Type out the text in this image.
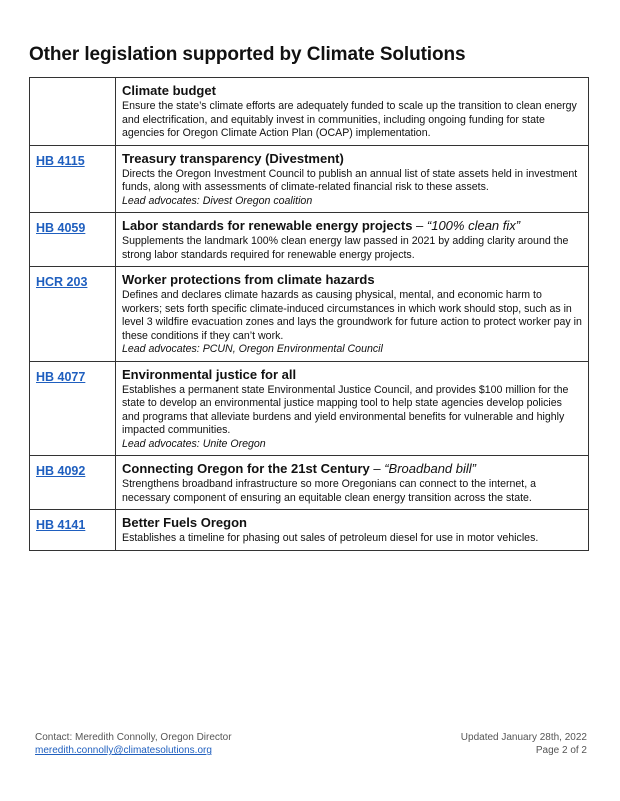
Other legislation supported by Climate Solutions

	Climate budget
Ensure the state’s climate efforts are adequately funded to scale up the transition to clean energy and electrification, and equitably invest in communities, including ongoing funding for state agencies for Oregon Climate Action Plan (OCAP) implementation.

HB 4115	Treasury transparency (Divestment)
Directs the Oregon Investment Council to publish an annual list of state assets held in investment funds, along with assessments of climate-related financial risk to these assets.
Lead advocates: Divest Oregon coalition

HB 4059	Labor standards for renewable energy projects – “100% clean fix”
Supplements the landmark 100% clean energy law passed in 2021 by adding clarity around the strong labor standards required for renewable energy projects.

HCR 203	Worker protections from climate hazards
Defines and declares climate hazards as causing physical, mental, and economic harm to workers; sets forth specific climate-induced circumstances in which work should stop, such as in level 3 wildfire evacuation zones and lays the groundwork for future action to protect worker pay in these conditions if they can’t work.
Lead advocates: PCUN, Oregon Environmental Council

HB 4077	Environmental justice for all
Establishes a permanent state Environmental Justice Council, and provides $100 million for the state to develop an environmental justice mapping tool to help state agencies develop policies and programs that alleviate burdens and yield environmental benefits for vulnerable and highly impacted communities.
Lead advocates: Unite Oregon

HB 4092	Connecting Oregon for the 21st Century – “Broadband bill”
Strengthens broadband infrastructure so more Oregonians can connect to the internet, a necessary component of ensuring an equitable clean energy transition across the state.

HB 4141	Better Fuels Oregon
Establishes a timeline for phasing out sales of petroleum diesel for use in motor vehicles.
Contact: Meredith Connolly, Oregon Director
meredith.connolly@climatesolutions.org
Updated January 28th, 2022
Page 2 of 2
